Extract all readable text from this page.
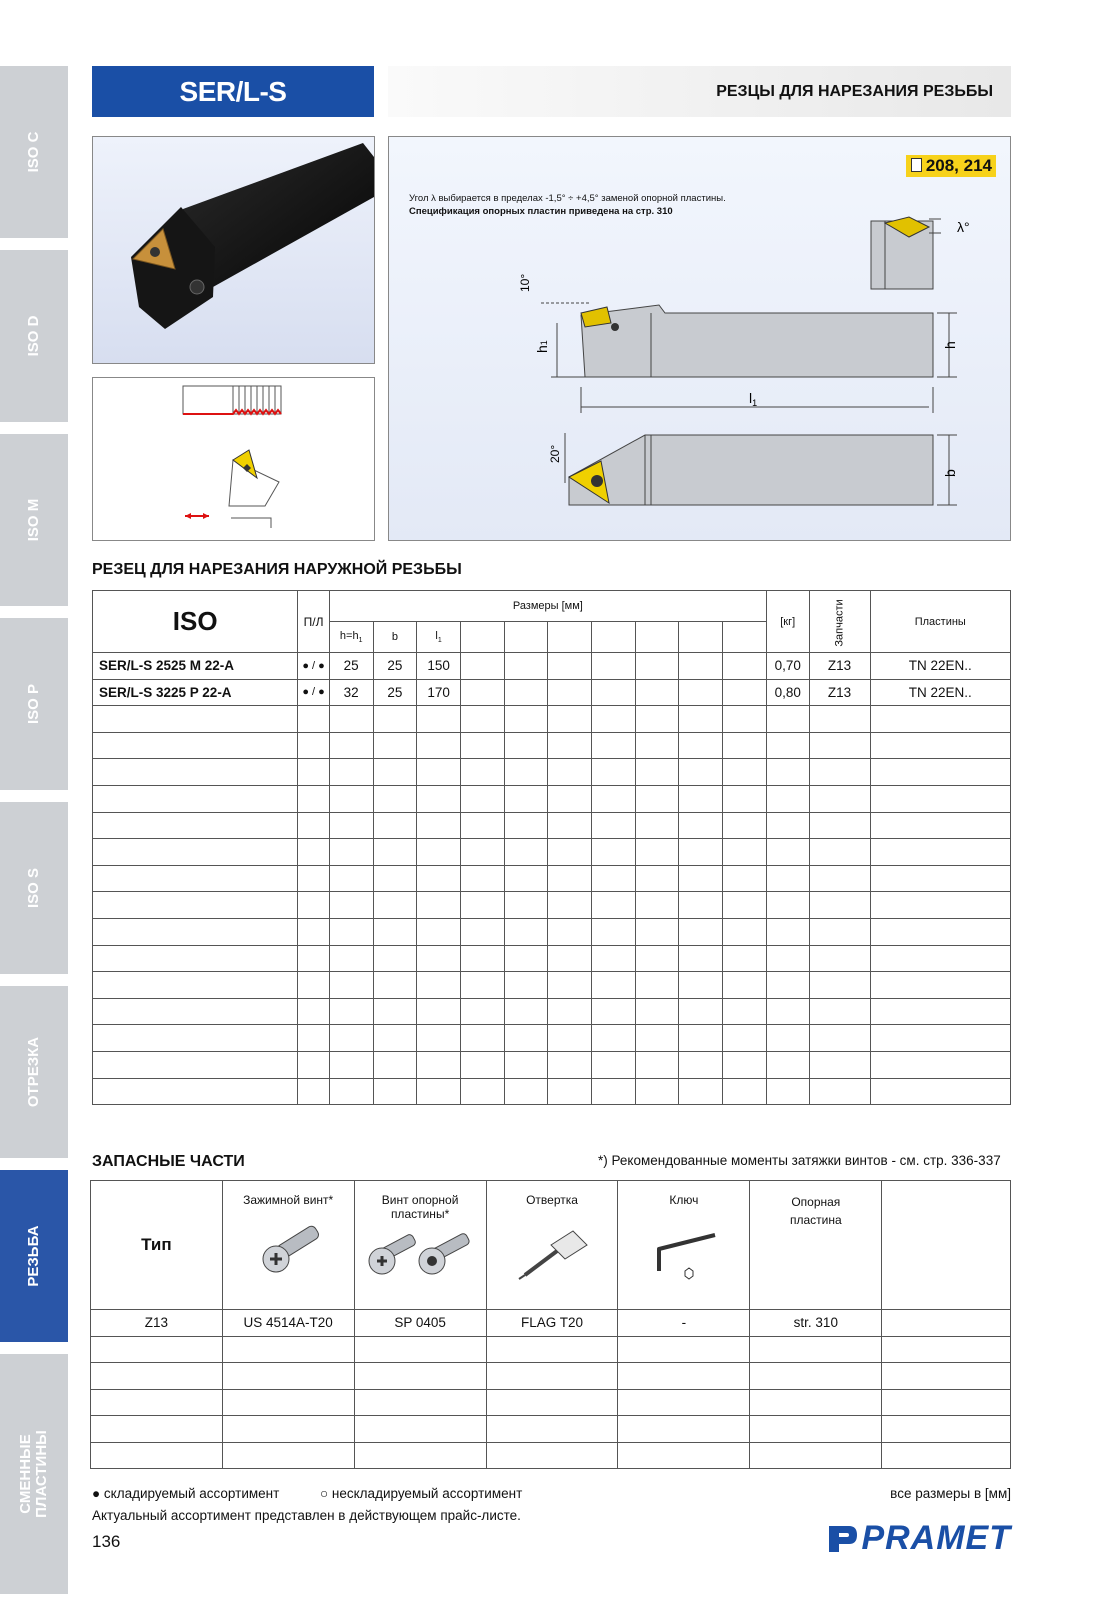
ISO C
ISO D
ISO M
ISO P
ISO S
ОТРЕЗКА
РЕЗЬБА
СМЕННЫЕ ПЛАСТИНЫ
SER/L-S	РЕЗЦЫ ДЛЯ НАРЕЗАНИЯ РЕЗЬБЫ
208, 214
Угол λ выбирается в пределах -1,5° ÷ +4,5° заменой опорной пластины.
Спецификация опорных пластин приведена на стр. 310
λ°
10°
h1	h
$l_1$
20°
b
РЕЗЕЦ ДЛЯ НАРЕЗАНИЯ НАРУЖНОЙ РЕЗЬБЫ
ISO	П/Л	Размеры [мм]										[кг]	Запчасти	Пластины
		$h=h_1$	b	$l_1$							
SER/L-S 2525 M 22-A	● / ●	25	25	150								0,70	Z13	TN 22EN..
SER/L-S 3225 P 22-A	● / ●	32	25	170								0,80	Z13	TN 22EN..

ЗАПАСНЫЕ ЧАСТИ	*) Рекомендованные моменты затяжки винтов - см. стр. 336-337
Тип	Зажимной винт*	Винт опорной пластины*	Отвертка	Ключ	Опорная пластина	
Z13	US 4514A-T20	SP 0405	FLAG T20	-	str. 310	

● складируемый ассортимент	○ нескладируемый ассортимент	все размеры в [мм]
Актуальный ассортимент представлен в действующем прайс-листе.
136	PRAMET
